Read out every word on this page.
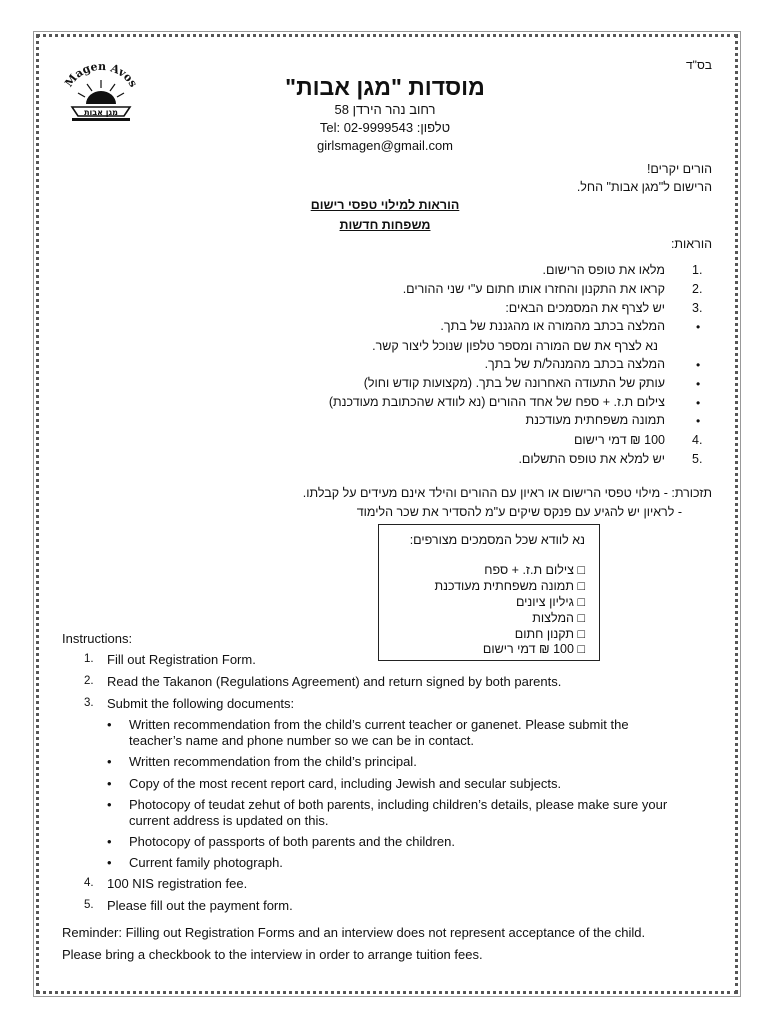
בס"ד
Magen Avos
מגן אבות
מוסדות "מגן אבות"
רחוב נהר הירדן 58
טלפון: Tel: 02-9999543
girlsmagen@gmail.com
הורים יקרים!
הרישום ל"מגן אבות" החל.
הוראות למילוי טפסי רישום
משפחות חדשות
הוראות:
1.
מלאו את טופס הרישום.
2.
קראו את התקנון והחזרו אותו חתום ע"י שני ההורים.
3.
יש לצרף את המסמכים הבאים:
•
המלצה בכתב מהמורה או מהגננת של בתך.
נא לצרף את שם המורה ומספר טלפון שנוכל ליצור קשר.
•
המלצה בכתב מהמנהל/ת של בתך.
•
עותק של התעודה האחרונה של בתך. (מקצועות קודש וחול)
•
צילום ת.ז. + ספח של אחד ההורים (נא לוודא שהכתובת מעודכנת)
•
תמונה משפחתית מעודכנת
4.
100 ₪ דמי רישום
5.
יש למלא את טופס התשלום.
תזכורת: - מילוי טפסי הרישום או ראיון עם ההורים והילד אינם מעידים על קבלתו.
- לראיון יש להגיע עם פנקס שיקים ע"מ להסדיר את שכר הלימוד
נא לוודא שכל המסמכים מצורפים:
□ צילום ת.ז. + ספח
□ תמונה משפחתית מעודכנת
□ גיליון ציונים
□ המלצות
□ תקנון חתום
□ 100 ₪ דמי רישום
Instructions:
1. Fill out Registration Form.
2. Read the Takanon (Regulations Agreement) and return signed by both parents.
3. Submit the following documents:
• Written recommendation from the child’s current teacher or ganenet. Please submit the teacher’s name and phone number so we can be in contact.
• Written recommendation from the child’s principal.
• Copy of the most recent report card, including Jewish and secular subjects.
• Photocopy of teudat zehut of both parents, including children’s details, please make sure your current address is updated on this.
• Photocopy of passports of both parents and the children.
• Current family photograph.
4. 100 NIS registration fee.
5. Please fill out the payment form.
Reminder: Filling out Registration Forms and an interview does not represent acceptance of the child.
Please bring a checkbook to the interview in order to arrange tuition fees.
